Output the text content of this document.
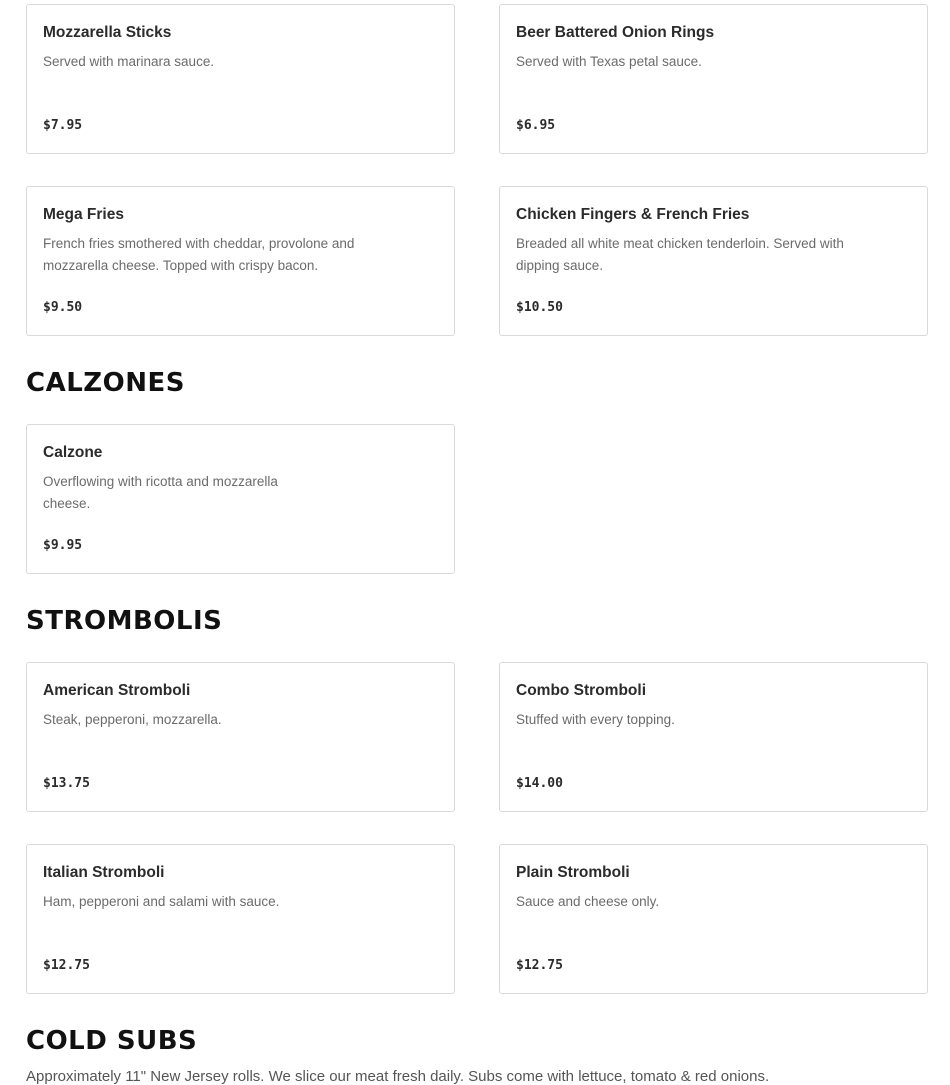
Mozzarella Sticks
Served with marinara sauce.
$7.95
Beer Battered Onion Rings
Served with Texas petal sauce.
$6.95
Mega Fries
French fries smothered with cheddar, provolone and mozzarella cheese. Topped with crispy bacon.
$9.50
Chicken Fingers & French Fries
Breaded all white meat chicken tenderloin. Served with dipping sauce.
$10.50
CALZONES
Calzone
Overflowing with ricotta and mozzarella cheese.
$9.95
STROMBOLIS
American Stromboli
Steak, pepperoni, mozzarella.
$13.75
Combo Stromboli
Stuffed with every topping.
$14.00
Italian Stromboli
Ham, pepperoni and salami with sauce.
$12.75
Plain Stromboli
Sauce and cheese only.
$12.75
COLD SUBS
Approximately 11" New Jersey rolls. We slice our meat fresh daily. Subs come with lettuce, tomato & red onions.
